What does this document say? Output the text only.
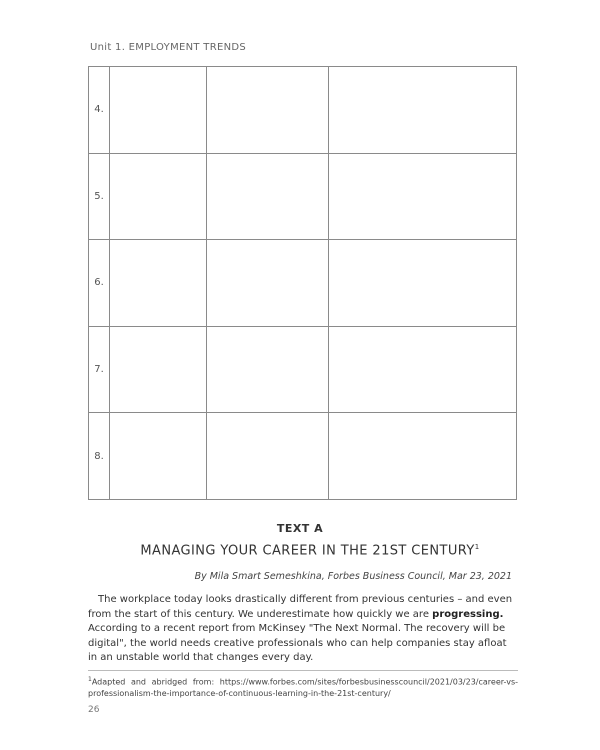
Unit 1. EMPLOYMENT TRENDS
4.			
5.			
6.			
7.			
8.			
TEXT A
MANAGING YOUR CAREER IN THE 21ST CENTURY$^1$
By Mila Smart Semeshkina, Forbes Business Council, Mar 23, 2021
The workplace today looks drastically different from previous centuries – and even from the start of this century. We underestimate how quickly we are progressing. According to a recent report from McKinsey "The Next Normal. The recovery will be digital", the world needs creative professionals who can help companies stay afloat in an unstable world that changes every day.
$^1$Adapted and abridged from: https://www.forbes.com/sites/forbesbusinesscouncil/2021/03/23/career-vs-professionalism-the-importance-of-continuous-learning-in-the-21st-century/
26
